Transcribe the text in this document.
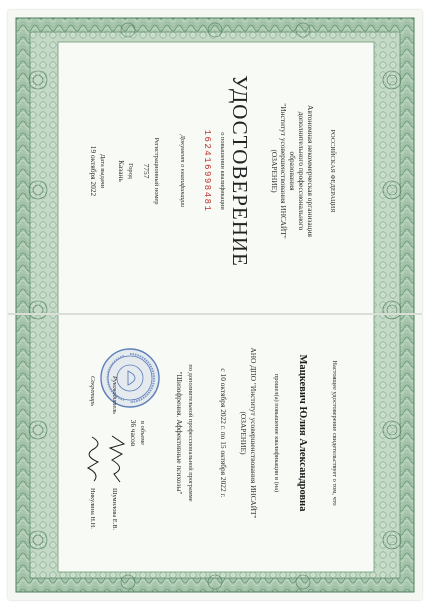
Настоящее удостоверение свидетельствует о том, что
Мацкевич Юлия Александровна
прошел(а) повышение квалификации в (на)
АНО ДПО "Институт усовершенствования ИНСАЙТ"
(ОЗАРЕНИЕ)
с 10 октября 2022 г. по 15 октября 2022 г.
по дополнительной профессиональной программе
"Шизофрения. Аффективные психозы"
в объеме
36 часов
Руководитель
Шумилова Е.В.
Секретарь
Никулина Н.Н.
РОССИЙСКАЯ ФЕДЕРАЦИЯ
Автономная некоммерческая организация
дополнительного профессионального
образования
"Институт усовершенствования ИНСАЙТ"
(ОЗАРЕНИЕ)
УДОСТОВЕРЕНИЕ
о повышении квалификации
162416998481
Документ о квалификации
Регистрационный номер
7757
Город
Казань
Дата выдачи
19 октября 2022
